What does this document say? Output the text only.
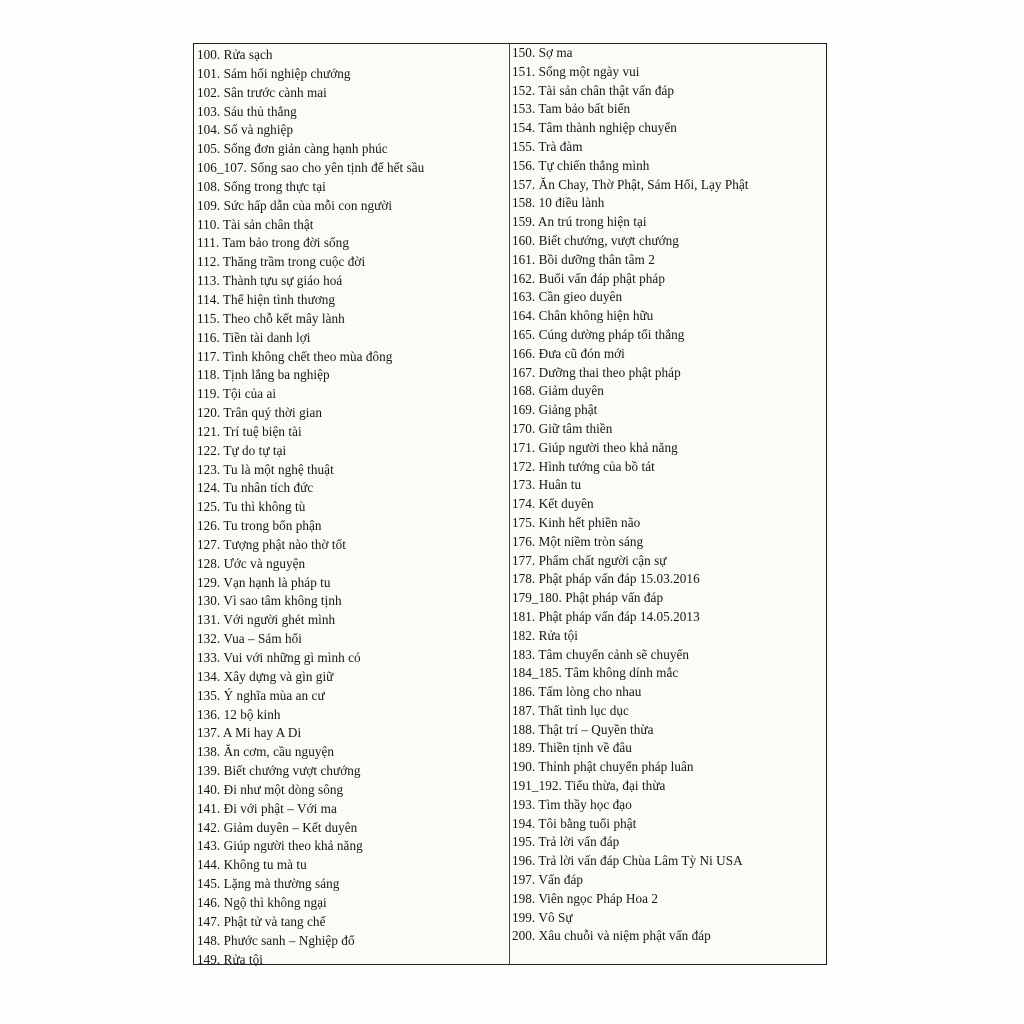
100. Rửa sạch
101. Sám hối nghiệp chướng
102. Sân trước cành mai
103. Sáu thủ thắng
104. Số và nghiệp
105. Sống đơn giản càng hạnh phúc
106_107. Sống sao cho yên tịnh để hết sầu
108. Sống trong thực tại
109. Sức hấp dẫn của mỗi con người
110. Tài sản chân thật
111. Tam bảo trong đời sống
112. Thăng trầm trong cuộc đời
113. Thành tựu sự giáo hoá
114. Thể hiện tình thương
115. Theo chỗ kết mây lành
116. Tiền tài danh lợi
117. Tình không chết theo mùa đông
118. Tịnh lắng ba nghiệp
119. Tội của ai
120. Trân quý thời gian
121. Trí tuệ biện tài
122. Tự do tự tại
123. Tu là một nghệ thuật
124. Tu nhân tích đức
125. Tu thì không tù
126. Tu trong bổn phận
127. Tượng phật nào thờ tốt
128. Ước và nguyện
129. Vạn hạnh là pháp tu
130. Vì sao tâm không tịnh
131. Với người ghét mình
132. Vua – Sám hối
133. Vui với những gì mình có
134. Xây dựng và gìn giữ
135. Ý nghĩa mùa an cư
136. 12 bộ kinh
137. A Mi hay A Di
138. Ăn cơm, cầu nguyện
139. Biết chướng vượt chướng
140. Đi như một dòng sông
141. Đi với phật – Với ma
142. Giảm duyên – Kết duyên
143. Giúp người theo khả năng
144. Không tu mà tu
145. Lặng mà thường sáng
146. Ngộ thì không ngại
147. Phật tử và tang chế
148. Phước sanh – Nghiệp đổ
149. Rửa tội
150. Sợ ma
151. Sống một ngày vui
152. Tài sản chân thật vấn đáp
153. Tam bảo bất biến
154. Tâm thành nghiệp chuyển
155. Trà đàm
156. Tự chiến thắng mình
157. Ăn Chay, Thờ Phật, Sám Hối, Lạy Phật
158. 10 điều lành
159. An trú trong hiện tại
160. Biết chướng, vượt chướng
161. Bồi dưỡng thân tâm 2
162. Buổi vấn đáp phật pháp
163. Cần gieo duyên
164. Chân không hiện hữu
165. Cúng dường pháp tối thắng
166. Đưa cũ đón mới
167. Dưỡng thai theo phật pháp
168. Giảm duyên
169. Giảng phật
170. Giữ tâm thiền
171. Giúp người theo khả năng
172. Hình tướng của bồ tát
173. Huân tu
174. Kết duyên
175. Kinh hết phiền não
176. Một niềm tròn sáng
177. Phẩm chất người cận sự
178. Phật pháp vấn đáp 15.03.2016
179_180. Phật pháp vấn đáp
181. Phật pháp vấn đáp 14.05.2013
182. Rửa tội
183. Tâm chuyển cảnh sẽ chuyển
184_185. Tâm không dính mắc
186. Tấm lòng cho nhau
187. Thất tình lục dục
188. Thật trí – Quyền thừa
189. Thiền tịnh về đâu
190. Thỉnh phật chuyển pháp luân
191_192. Tiểu thừa, đại thừa
193. Tìm thầy học đạo
194. Tôi bằng tuổi phật
195. Trả lời vấn đáp
196. Trả lời vấn đáp Chùa Lâm Tỳ Ni USA
197. Vấn đáp
198. Viên ngọc Pháp Hoa 2
199. Vô Sự
200. Xâu chuỗi và niệm phật vấn đáp
